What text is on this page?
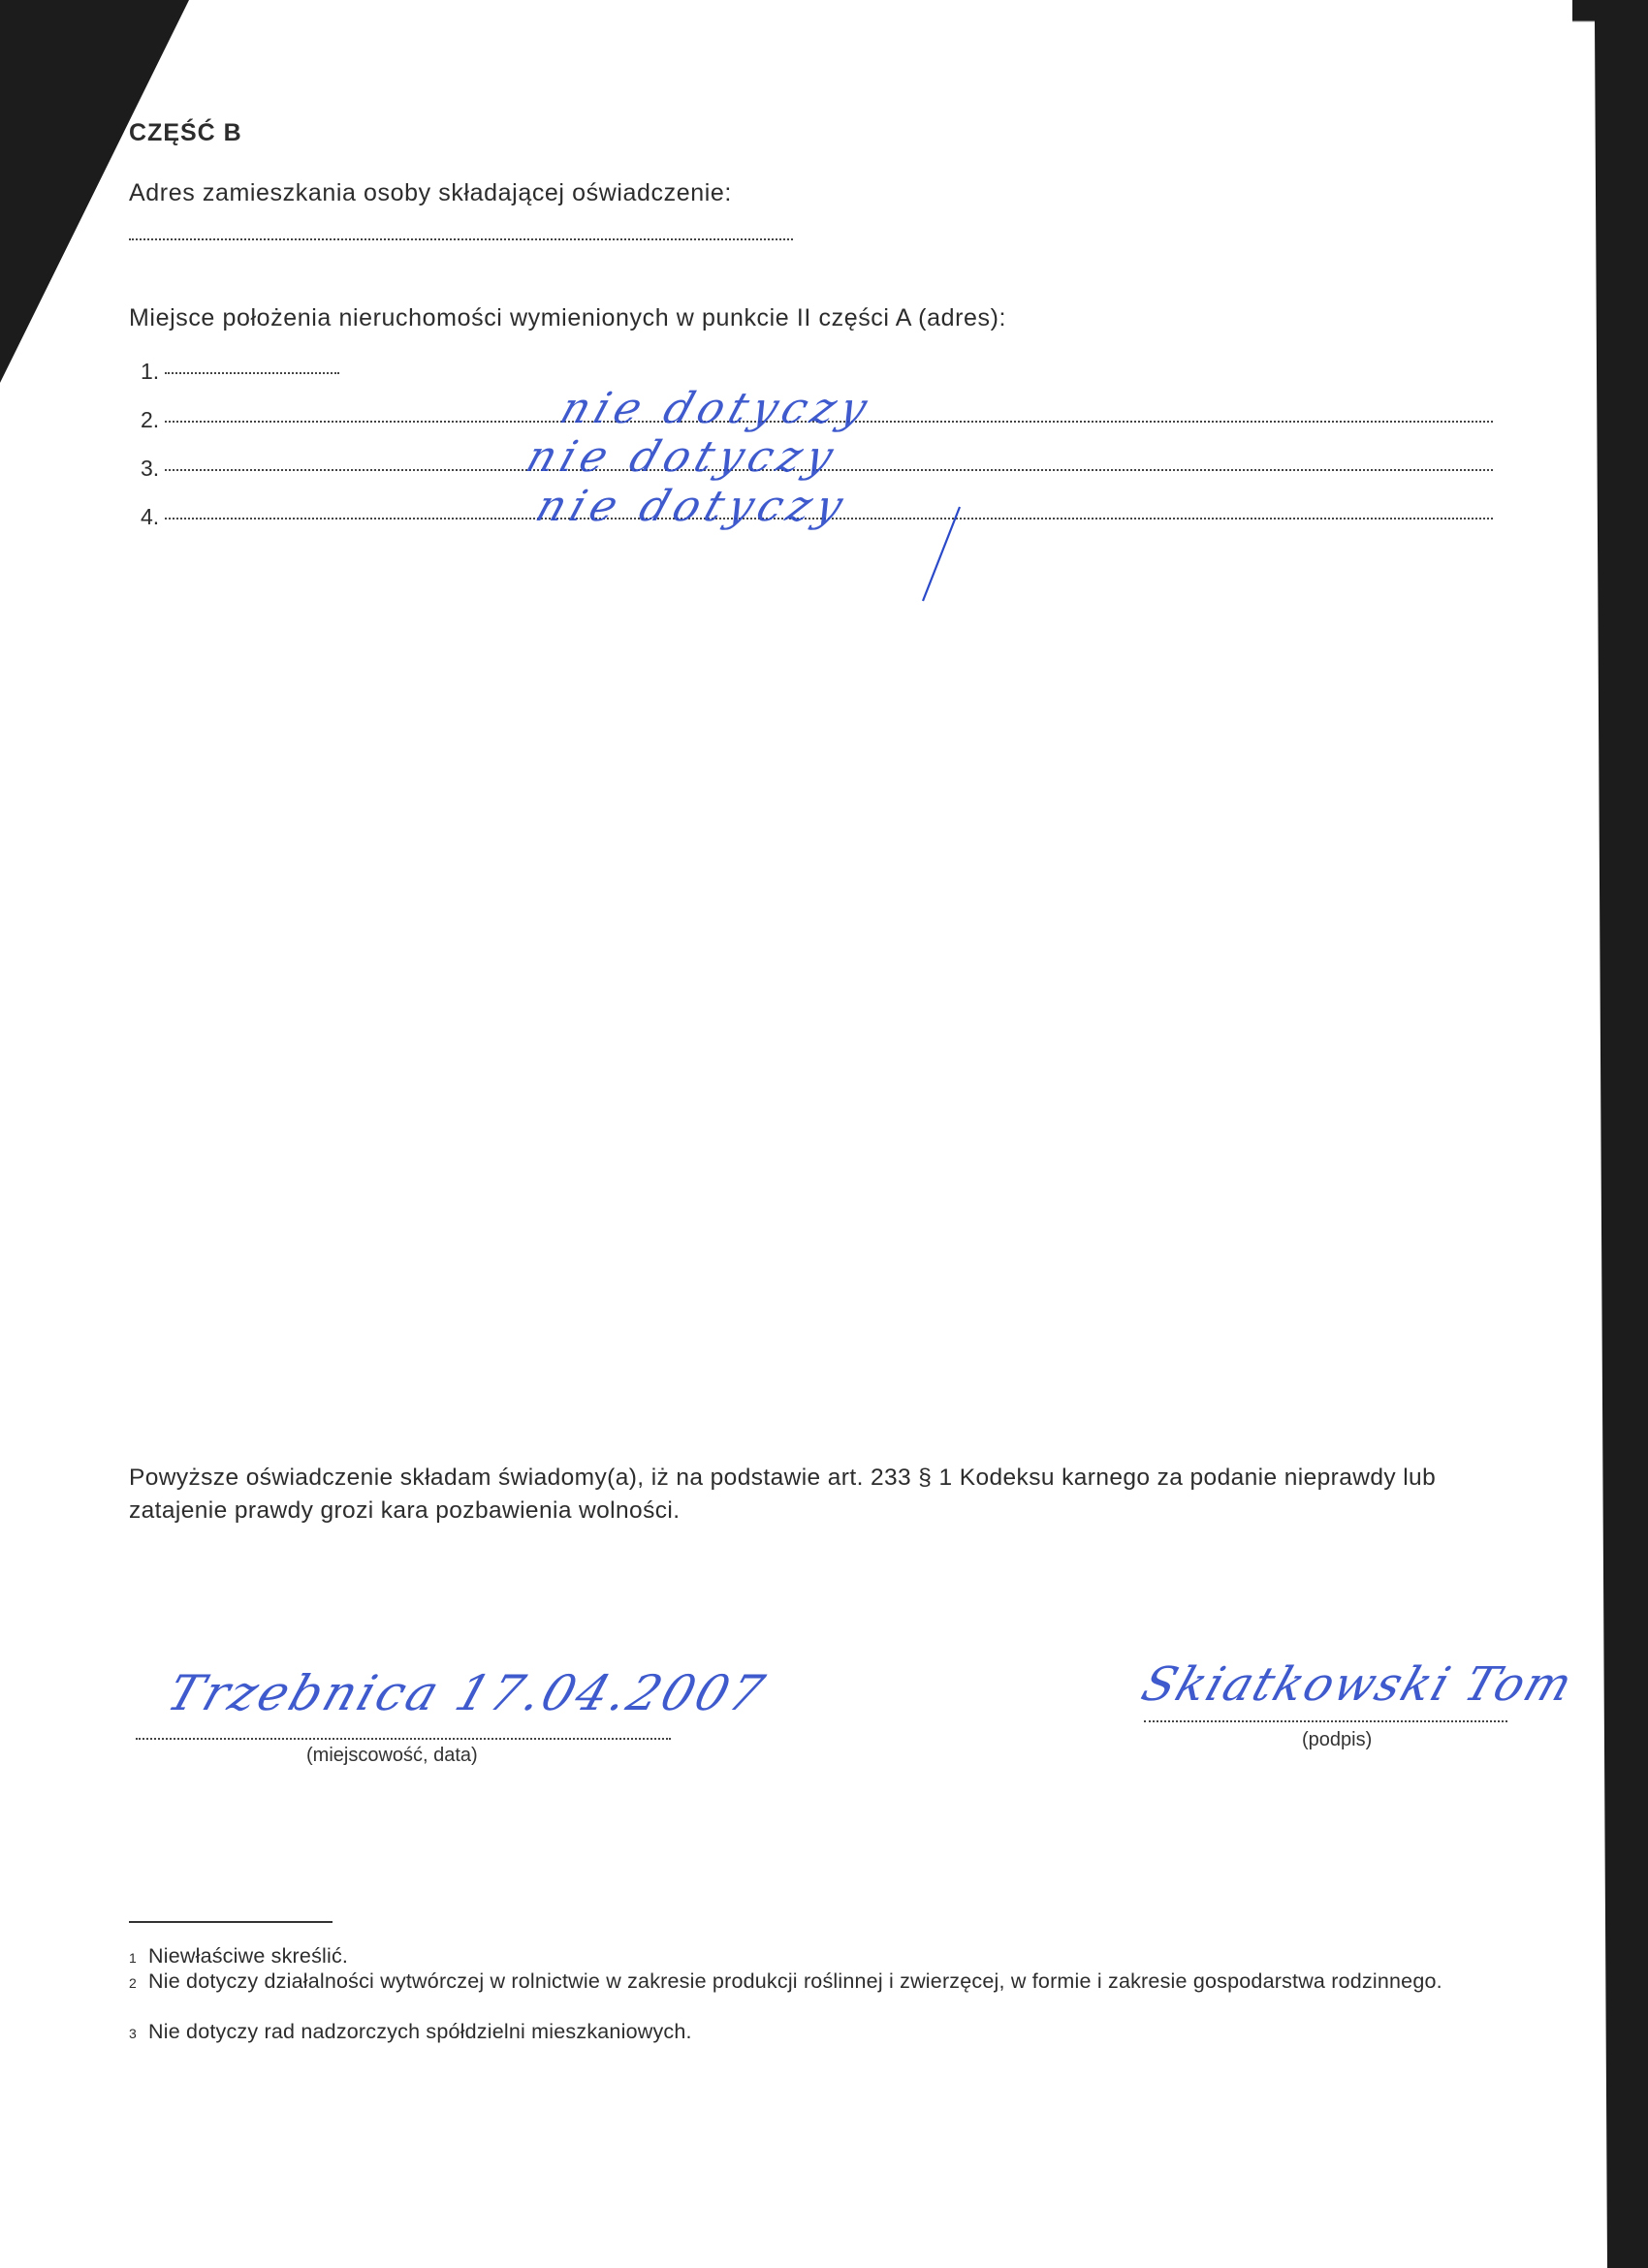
CZĘŚĆ B
Adres zamieszkania osoby składającej oświadczenie:
Miejsce położenia nieruchomości wymienionych w punkcie II części A (adres):
1.
2.
3.
4.
nie dotyczy
nie dotyczy
nie dotyczy
Powyższe oświadczenie składam świadomy(a), iż na podstawie art. 233 § 1 Kodeksu karnego za podanie nieprawdy lub zatajenie prawdy grozi kara pozbawienia wolności.
Trzebnica 17.04.2007
(miejscowość, data)
Skiatkowski Tom
(podpis)
$^1$ Niewłaściwe skreślić.
$^2$ Nie dotyczy działalności wytwórczej w rolnictwie w zakresie produkcji roślinnej i zwierzęcej, w formie i zakresie gospodarstwa rodzinnego.
$^3$ Nie dotyczy rad nadzorczych spółdzielni mieszkaniowych.
